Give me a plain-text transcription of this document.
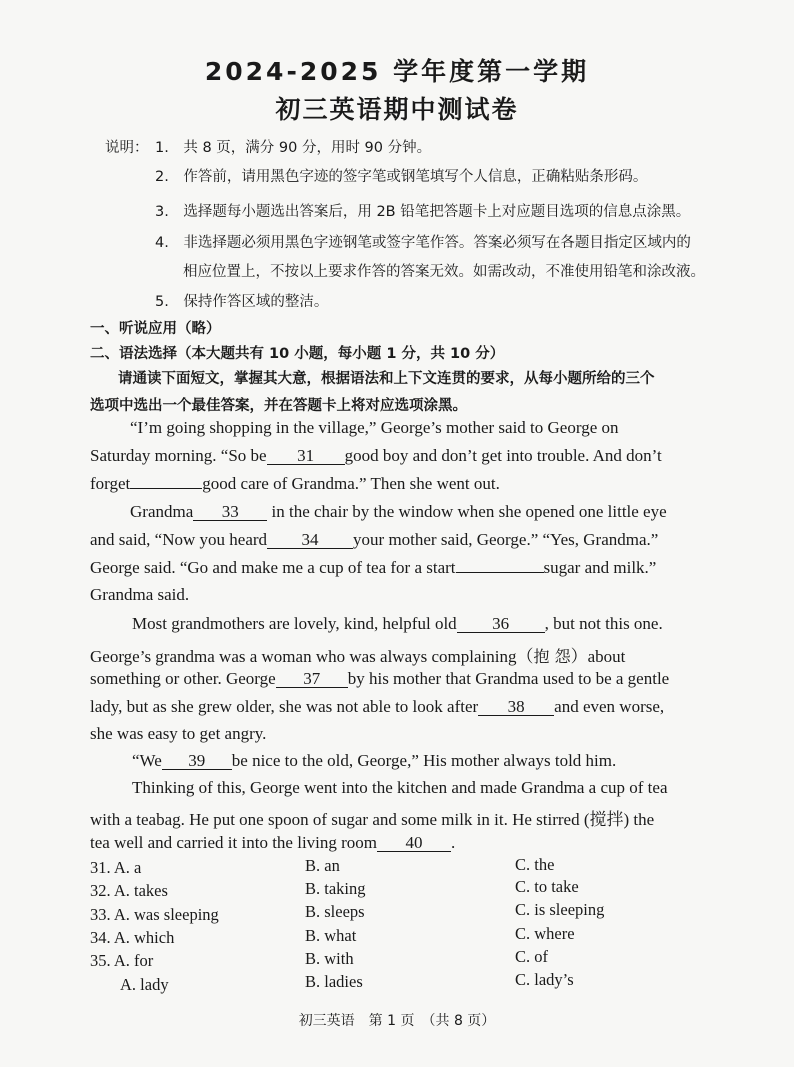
2024-2025 学年度第一学期
初三英语期中测试卷
说明： 1.　共 8 页，满分 90 分，用时 90 分钟。
2.　作答前，请用黑色字迹的签字笔或钢笔填写个人信息，正确粘贴条形码。
3.　选择题每小题选出答案后，用 2B 铅笔把答题卡上对应题目选项的信息点涂黑。
4.　非选择题必须用黑色字迹钢笔或签字笔作答。答案必须写在各题目指定区域内的
相应位置上，不按以上要求作答的答案无效。如需改动，不准使用铅笔和涂改液。
5.　保持作答区域的整洁。
一、听说应用（略）
二、语法选择（本大题共有 10 小题，每小题 1 分，共 10 分）
请通读下面短文，掌握其大意，根据语法和上下文连贯的要求，从每小题所给的三个
选项中选出一个最佳答案，并在答题卡上将对应选项涂黑。
“I’m going shopping in the village,” George’s mother said to George on
Saturday morning. “So be 31 good boy and don’t get into trouble. And don’t
forget	good care of Grandma.” Then she went out.
Grandma 33 in the chair by the window when she opened one little eye
and said, “Now you heard 34 your mother said, George.” “Yes, Grandma.”
George said. “Go and make me a cup of tea for a start	sugar and milk.”
Grandma said.
Most grandmothers are lovely, kind, helpful old 36 , but not this one.
George’s grandma was a woman who was always complaining（抱 怨）about
something or other. George 37 by his mother that Grandma used to be a gentle
lady, but as she grew older, she was not able to look after 38 and even worse,
she was easy to get angry.
“We 39 be nice to the old, George,” His mother always told him.
Thinking of this, George went into the kitchen and made Grandma a cup of tea
with a teabag. He put one spoon of sugar and some milk in it. He stirred (搅拌) the
tea well and carried it into the living room 40 .
31. A. a	B. an	C. the
32. A. takes	B. taking	C. to take
33. A. was sleeping	B. sleeps	C. is sleeping
34. A. which	B. what	C. where
35. A. for	B. with	C. of
A. lady	B. ladies	C. lady’s
初三英语　第 1 页　（共 8 页）
